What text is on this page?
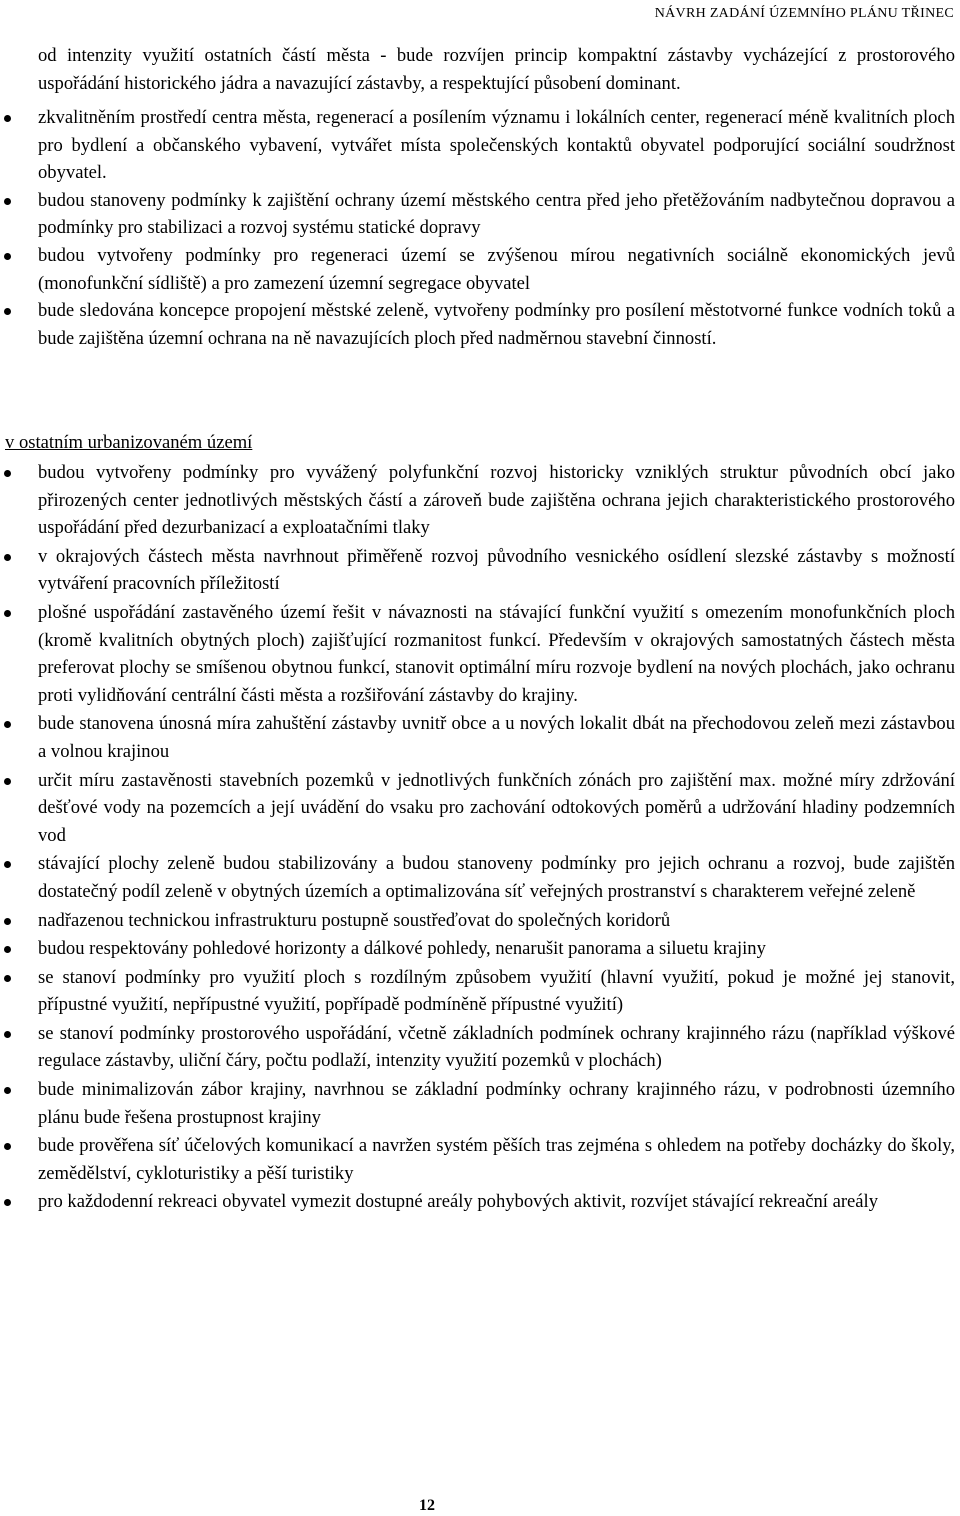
NÁVRH ZADÁNÍ ÚZEMNÍHO PLÁNU TŘINEC

od intenzity využití ostatních částí města - bude rozvíjen princip kompaktní zástavby vycházející z prostorového uspořádání historického jádra a navazující zástavby, a respektující působení dominant.

zkvalitněním prostředí centra města, regenerací a posílením významu i lokálních center, regenerací méně kvalitních ploch pro bydlení a občanského vybavení, vytvářet místa společenských kontaktů obyvatel podporující sociální soudržnost obyvatel.
budou stanoveny podmínky k zajištění ochrany území městského centra před jeho přetěžováním nadbytečnou dopravou a podmínky pro stabilizaci a rozvoj systému statické dopravy
budou vytvořeny podmínky pro regeneraci území se zvýšenou mírou negativních sociálně ekonomických jevů (monofunkční sídliště) a pro zamezení územní segregace obyvatel
bude sledována koncepce propojení městské zeleně, vytvořeny podmínky pro posílení městotvorné funkce vodních toků a bude zajištěna územní ochrana na ně navazujících ploch před nadměrnou stavební činností.
v ostatním urbanizovaném území
budou vytvořeny podmínky pro vyvážený polyfunkční rozvoj historicky vzniklých struktur původních obcí jako přirozených center jednotlivých městských částí a zároveň bude zajištěna ochrana jejich charakteristického prostorového uspořádání před dezurbanizací a exploatačními tlaky
v okrajových částech města navrhnout přiměřeně rozvoj původního vesnického osídlení slezské zástavby s možností vytváření pracovních příležitostí
plošné uspořádání zastavěného území řešit v návaznosti na stávající funkční využití s omezením monofunkčních ploch (kromě kvalitních obytných ploch) zajišťující rozmanitost funkcí. Především v okrajových samostatných částech města preferovat plochy se smíšenou obytnou funkcí, stanovit optimální míru rozvoje bydlení na nových plochách, jako ochranu proti vylidňování centrální části města a rozšiřování zástavby do krajiny.
bude stanovena únosná míra zahuštění zástavby uvnitř obce a u nových lokalit dbát na přechodovou zeleň mezi zástavbou a volnou krajinou
určit míru zastavěnosti stavebních pozemků v jednotlivých funkčních zónách pro zajištění max. možné míry zdržování dešťové vody na pozemcích a její uvádění do vsaku pro zachování odtokových poměrů a udržování hladiny podzemních vod
stávající plochy zeleně budou stabilizovány a budou stanoveny podmínky pro jejich ochranu a rozvoj, bude zajištěn dostatečný podíl zeleně v obytných územích a optimalizována síť veřejných prostranství s charakterem veřejné zeleně
nadřazenou technickou infrastrukturu postupně soustřeďovat do společných koridorů
budou respektovány pohledové horizonty a dálkové pohledy, nenarušit panorama a siluetu krajiny
se stanoví podmínky pro využití ploch s rozdílným způsobem využití (hlavní využití, pokud je možné jej stanovit, přípustné využití, nepřípustné využití, popřípadě podmíněně přípustné využití)
se stanoví podmínky prostorového uspořádání, včetně základních podmínek ochrany krajinného rázu (například výškové regulace zástavby, uliční čáry, počtu podlaží, intenzity využití pozemků v plochách)
bude minimalizován zábor krajiny, navrhnou se základní podmínky ochrany krajinného rázu, v podrobnosti územního plánu bude řešena prostupnost krajiny
bude prověřena síť účelových komunikací a navržen systém pěších tras zejména s ohledem na potřeby docházky do školy, zemědělství, cykloturistiky a pěší turistiky
pro každodenní rekreaci obyvatel vymezit dostupné areály pohybových aktivit, rozvíjet stávající rekreační areály
12
